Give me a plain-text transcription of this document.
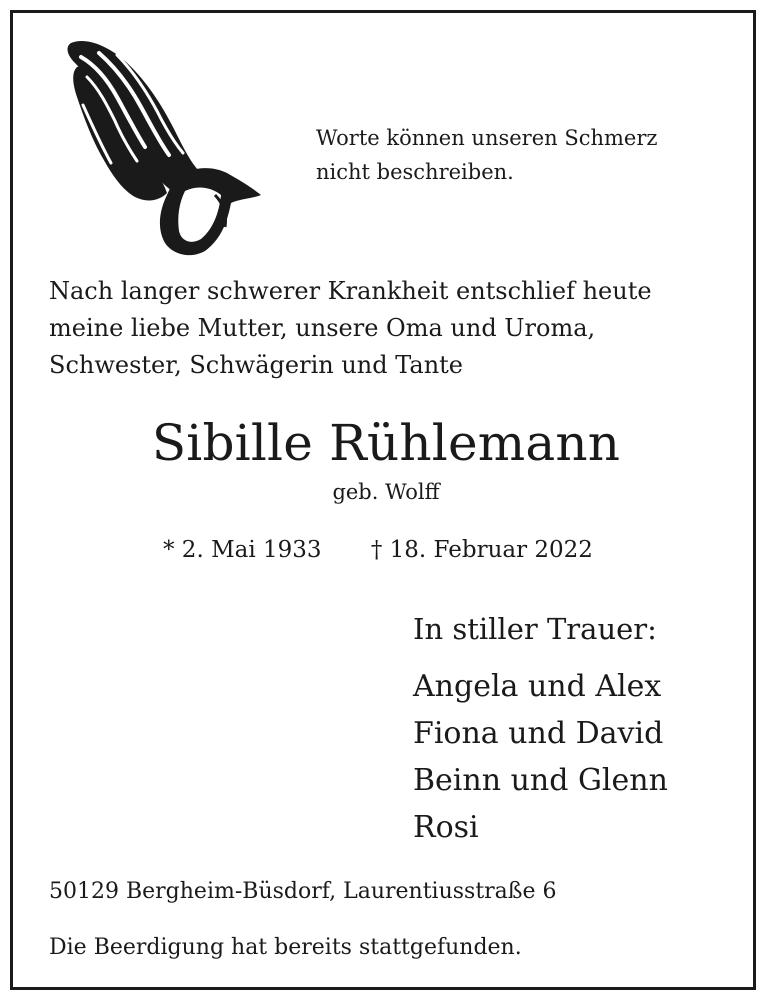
Worte können unseren Schmerz
nicht beschreiben.
Nach langer schwerer Krankheit entschlief heute
meine liebe Mutter, unsere Oma und Uroma,
Schwester, Schwägerin und Tante
Sibille Rühlemann
geb. Wolff
* 2. Mai 1933 † 18. Februar 2022
In stiller Trauer:
Angela und Alex
Fiona und David
Beinn und Glenn
Rosi
50129 Bergheim-Büsdorf, Laurentiusstraße 6
Die Beerdigung hat bereits stattgefunden.
